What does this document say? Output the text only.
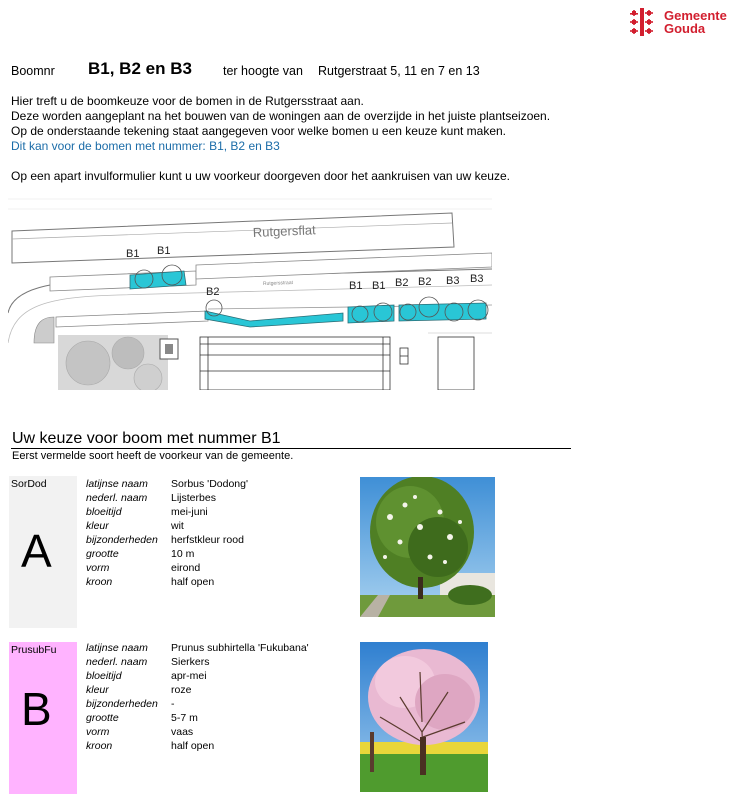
Gemeente
Gouda
Boomnr B1, B2 en B3 ter hoogte van Rutgerstraat 5, 11 en 7 en 13

Hier treft u de boomkeuze voor de bomen in de Rutgersstraat aan.

Deze worden aangeplant na het bouwen van de woningen aan de overzijde in het juiste plantseizoen.

Op de onderstaande tekening staat aangegeven voor welke bomen u een keuze kunt maken.

Dit kan voor de bomen met nummer: B1, B2 en B3

Op een apart invulformulier kunt u uw voorkeur doorgeven door het aankruisen van uw keuze.

Rutgersflat
Rutgersstraat
B1 B1
B2	B1 B1 B2 B2 B3 B3
Uw keuze voor boom met nummer B1
Eerst vermelde soort heeft de voorkeur van de gemeente.
SorDod
A
latijnse naam
nederl. naam
bloeitijd
kleur
bijzonderheden
grootte
vorm
kroon
Sorbus 'Dodong'
Lijsterbes
mei-juni
wit
herfstkleur rood
10 m
eirond
half open
PrusubFu
B
latijnse naam
nederl. naam
bloeitijd
kleur
bijzonderheden
grootte
vorm
kroon
Prunus subhirtella 'Fukubana'
Sierkers
apr-mei
roze
-
5-7 m
vaas
half open
